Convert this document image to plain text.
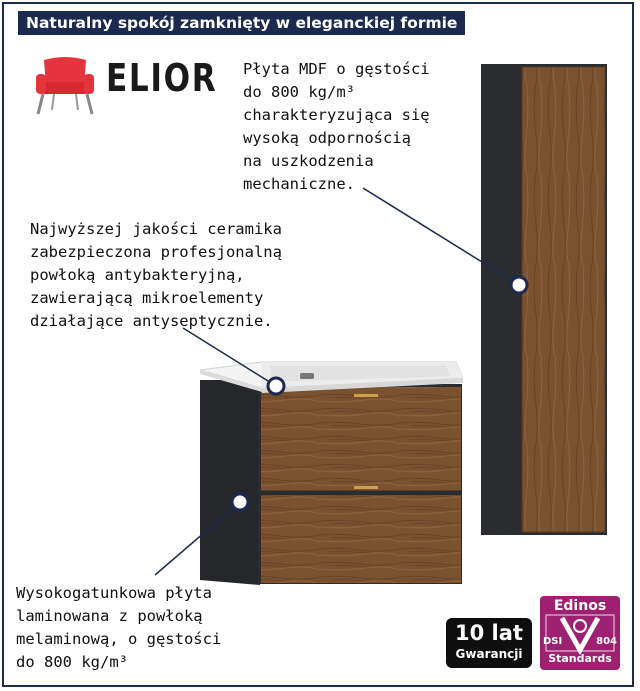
Naturalny spokój zamknięty w eleganckiej formie
ELIOR Płyta MDF o gęstości
do 800 kg/m³
charakteryzująca się
wysoką odpornością
na uszkodzenia
mechaniczne.
Najwyższej jakości ceramika
zabezpieczona profesjonalną
powłoką antybakteryjną,
zawierającą mikroelementy
działające antyseptycznie.
Wysokogatunkowa płyta
laminowana z powłoką
melaminową, o gęstości
do 800 kg/m³
10 lat
Gwarancji
Edinos
DSI	804
Standards
